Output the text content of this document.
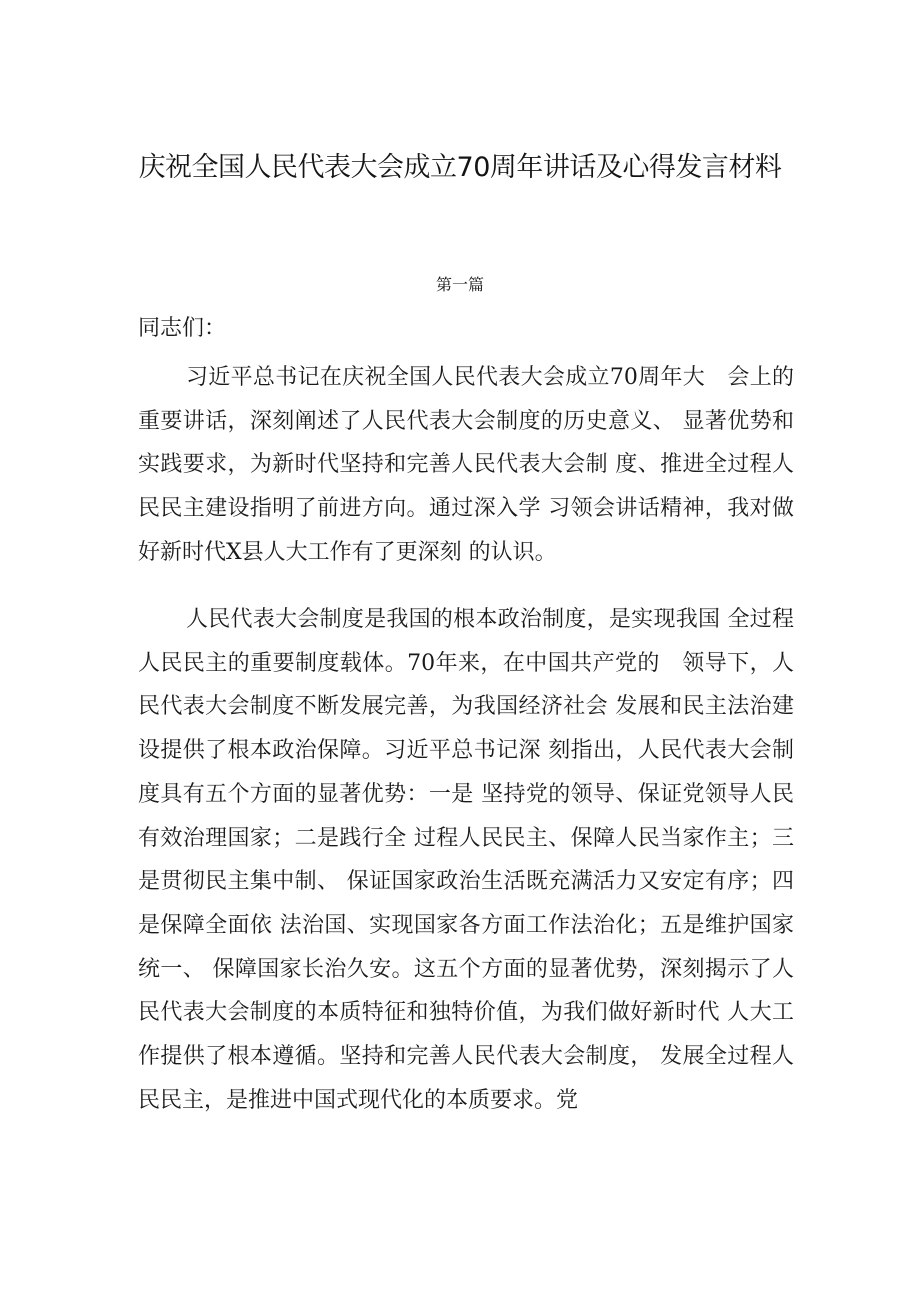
庆祝全国人民代表大会成立70周年讲话及心得发言材料
第一篇
同志们：

习近平总书记在庆祝全国人民代表大会成立70周年大　会上的重要讲话，深刻阐述了人民代表大会制度的历史意义、 显著优势和实践要求，为新时代坚持和完善人民代表大会制 度、推进全过程人民民主建设指明了前进方向。通过深入学 习领会讲话精神，我对做好新时代X县人大工作有了更深刻 的认识。

人民代表大会制度是我国的根本政治制度，是实现我国 全过程人民民主的重要制度载体。70年来，在中国共产党的　领导下，人民代表大会制度不断发展完善，为我国经济社会 发展和民主法治建设提供了根本政治保障。习近平总书记深 刻指出，人民代表大会制度具有五个方面的显著优势：一是 坚持党的领导、保证党领导人民有效治理国家；二是践行全 过程人民民主、保障人民当家作主；三是贯彻民主集中制、 保证国家政治生活既充满活力又安定有序；四是保障全面依 法治国、实现国家各方面工作法治化；五是维护国家统一、 保障国家长治久安。这五个方面的显著优势，深刻揭示了人 民代表大会制度的本质特征和独特价值，为我们做好新时代 人大工作提供了根本遵循。坚持和完善人民代表大会制度， 发展全过程人民民主，是推进中国式现代化的本质要求。党
